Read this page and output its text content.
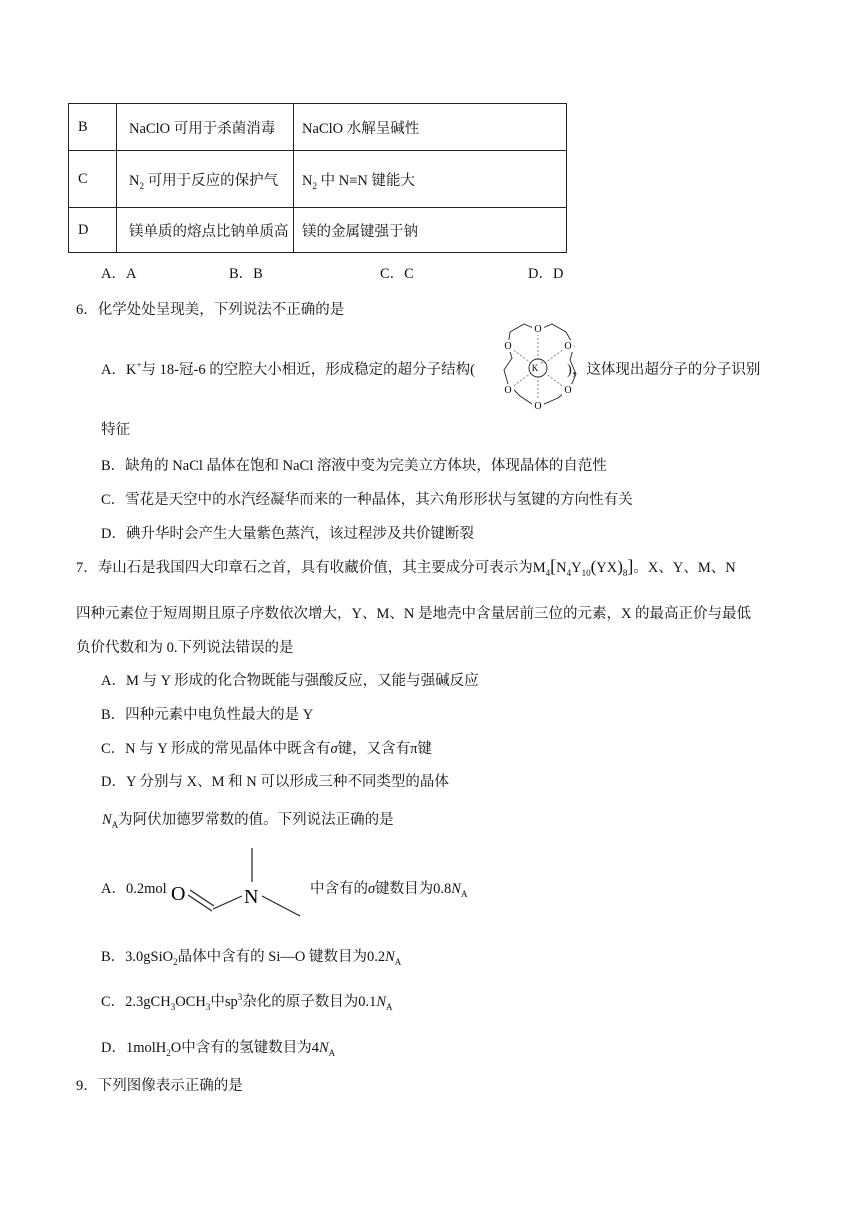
B	NaClO 可用于杀菌消毒	NaClO 水解呈碱性
C	$N_2$ 可用于反应的保护气	$N_2$ 中 N≡N 键能大
D	镁单质的熔点比钠单质高	镁的金属键强于钠
A．A	B．B	C．C	D．D
6．化学处处呈现美，下列说法不正确的是
A．K+与 18-冠-6 的空腔大小相近，形成稳定的超分子结构(	)，这体现出超分子的分子识别
O
O	O
O	O
O
K +
特征
B．缺角的 NaCl 晶体在饱和 NaCl 溶液中变为完美立方体块，体现晶体的自范性
C．雪花是天空中的水汽经凝华而来的一种晶体，其六角形形状与氢键的方向性有关
D．碘升华时会产生大量紫色蒸汽，该过程涉及共价键断裂
7．寿山石是我国四大印章石之首，具有收藏价值，其主要成分可表示为$M_4[N_4Y_{10}(YX)_8]$。X、Y、M、N
四种元素位于短周期且原子序数依次增大，Y、M、N 是地壳中含量居前三位的元素，X 的最高正价与最低
负价代数和为 0.下列说法错误的是
A．M 与 Y 形成的化合物既能与强酸反应，又能与强碱反应
B．四种元素中电负性最大的是 Y
C．N 与 Y 形成的常见晶体中既含有σ键，又含有π键
D．Y 分别与 X、M 和 N 可以形成三种不同类型的晶体
$N_A$为阿伏加德罗常数的值。下列说法正确的是
A．0.2mol O	N	中含有的σ键数目为$0.8N_A$
B．3.0gSiO$_2$晶体中含有的 Si—O 键数目为$0.2N_A$
C．$2.3gCH_3OCH_3$中$sp^3$杂化的原子数目为$0.1N_A$
D．1molH$_2$O中含有的氢键数目为$4N_A$
9．下列图像表示正确的是
